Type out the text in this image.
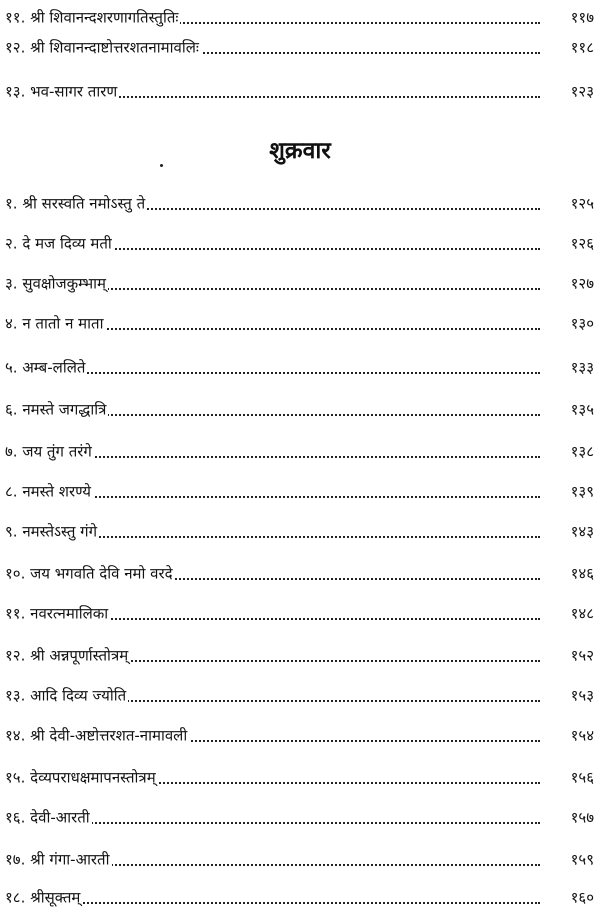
११. श्री शिवानन्दशरणागतिस्तुतिः	११७
१२. श्री शिवानन्दाष्टोत्तरशतनामावलिः	११८
१३. भव-सागर तारण	१२३
शुक्रवार
१. श्री सरस्वति नमोऽस्तु ते	१२५
२. दे मज दिव्य मती	१२६
३. सुवक्षोजकुम्भाम्	१२७
४. न तातो न माता	१३०
५. अम्ब-ललिते	१३३
६. नमस्ते जगद्धात्रि	१३५
७. जय तुंग तरंगे	१३८
८. नमस्ते शरण्ये	१३९
९. नमस्तेऽस्तु गंगे	१४३
१०. जय भगवति देवि नमो वरदे	१४६
११. नवरत्नमालिका	१४८
१२. श्री अन्नपूर्णास्तोत्रम्	१५२
१३. आदि दिव्य ज्योति	१५३
१४. श्री देवी-अष्टोत्तरशत-नामावली	१५४
१५. देव्यपराधक्षमापनस्तोत्रम्	१५६
१६. देवी-आरती	१५७
१७. श्री गंगा-आरती	१५९
१८. श्रीसूक्तम्	१६०
